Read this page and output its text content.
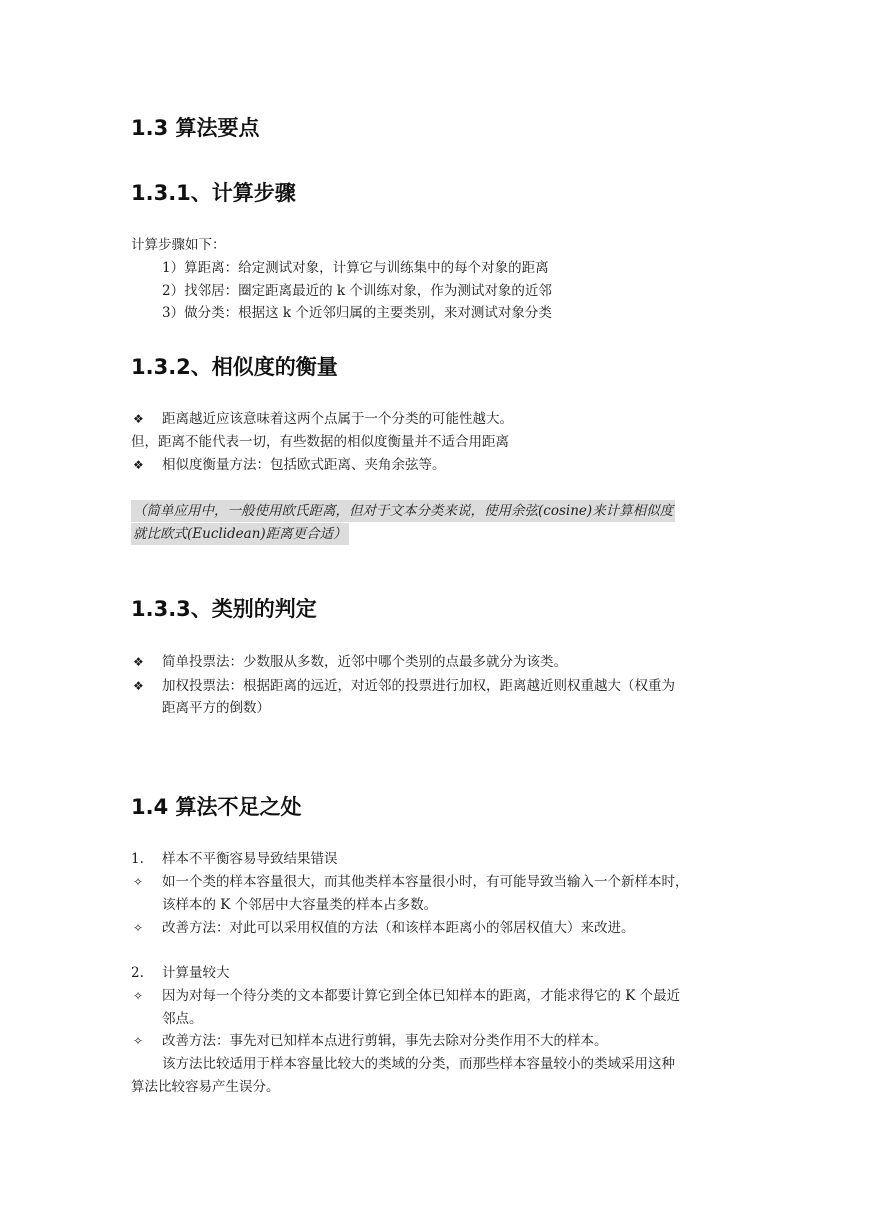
1.3 算法要点
1.3.1、计算步骤
计算步骤如下：
1）算距离：给定测试对象，计算它与训练集中的每个对象的距离
2）找邻居：圈定距离最近的 k 个训练对象，作为测试对象的近邻
3）做分类：根据这 k 个近邻归属的主要类别，来对测试对象分类
1.3.2、相似度的衡量
❖ 距离越近应该意味着这两个点属于一个分类的可能性越大。
但，距离不能代表一切，有些数据的相似度衡量并不适合用距离
❖ 相似度衡量方法：包括欧式距离、夹角余弦等。
（简单应用中，一般使用欧氏距离，但对于文本分类来说，使用余弦(cosine)来计算相似度
就比欧式(Euclidean)距离更合适）
1.3.3、类别的判定
❖ 简单投票法：少数服从多数，近邻中哪个类别的点最多就分为该类。
❖ 加权投票法：根据距离的远近，对近邻的投票进行加权，距离越近则权重越大（权重为
距离平方的倒数）
1.4 算法不足之处
1. 样本不平衡容易导致结果错误
✧ 如一个类的样本容量很大，而其他类样本容量很小时，有可能导致当输入一个新样本时，
该样本的 K 个邻居中大容量类的样本占多数。
✧ 改善方法：对此可以采用权值的方法（和该样本距离小的邻居权值大）来改进。
2. 计算量较大
✧ 因为对每一个待分类的文本都要计算它到全体已知样本的距离，才能求得它的 K 个最近
邻点。
✧ 改善方法：事先对已知样本点进行剪辑，事先去除对分类作用不大的样本。
该方法比较适用于样本容量比较大的类域的分类，而那些样本容量较小的类域采用这种
算法比较容易产生误分。
